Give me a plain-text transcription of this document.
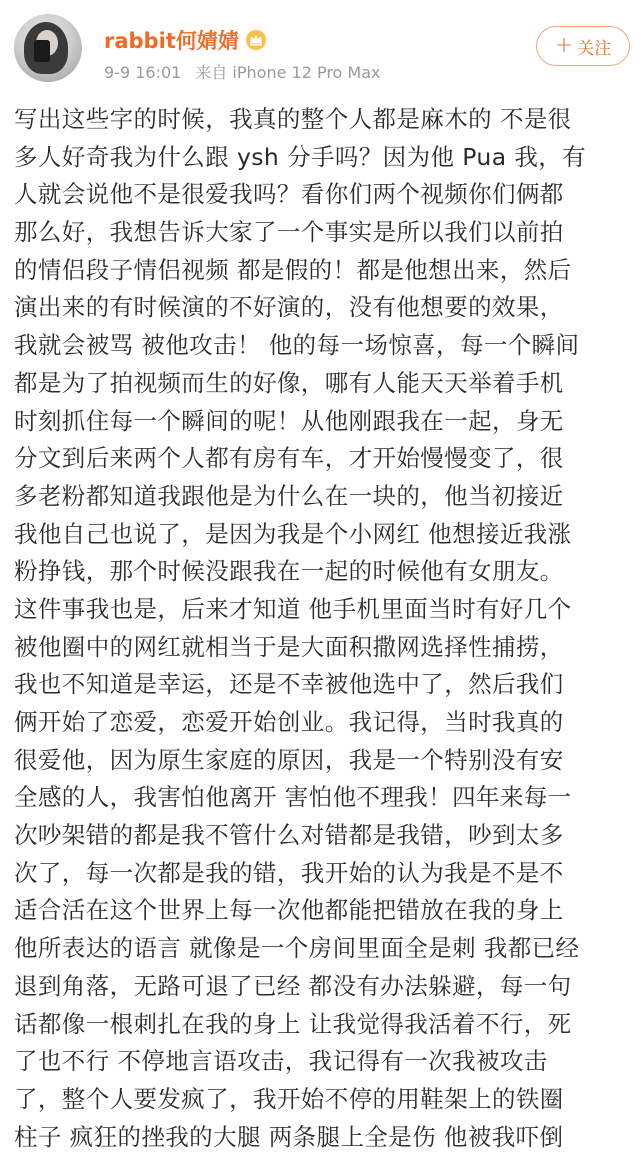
rabbit何婧婧
9-9 16:01 来自 iPhone 12 Pro Max
+ 关注
写出这些字的时候，我真的整个人都是麻木的 不是很
多人好奇我为什么跟 ysh 分手吗？因为他 Pua 我，有
人就会说他不是很爱我吗？看你们两个视频你们俩都
那么好，我想告诉大家了一个事实是所以我们以前拍
的情侣段子情侣视频 都是假的！都是他想出来，然后
演出来的有时候演的不好演的，没有他想要的效果，
我就会被骂 被他攻击！ 他的每一场惊喜，每一个瞬间
都是为了拍视频而生的好像，哪有人能天天举着手机
时刻抓住每一个瞬间的呢！从他刚跟我在一起，身无
分文到后来两个人都有房有车，才开始慢慢变了，很
多老粉都知道我跟他是为什么在一块的，他当初接近
我他自己也说了，是因为我是个小网红 他想接近我涨
粉挣钱，那个时候没跟我在一起的时候他有女朋友。
这件事我也是，后来才知道 他手机里面当时有好几个
被他圈中的网红就相当于是大面积撒网选择性捕捞，
我也不知道是幸运，还是不幸被他选中了，然后我们
俩开始了恋爱，恋爱开始创业。我记得，当时我真的
很爱他，因为原生家庭的原因，我是一个特别没有安
全感的人，我害怕他离开 害怕他不理我！四年来每一
次吵架错的都是我不管什么对错都是我错，吵到太多
次了，每一次都是我的错，我开始的认为我是不是不
适合活在这个世界上每一次他都能把错放在我的身上
他所表达的语言 就像是一个房间里面全是刺 我都已经
退到角落，无路可退了已经 都没有办法躲避，每一句
话都像一根刺扎在我的身上 让我觉得我活着不行，死
了也不行 不停地言语攻击，我记得有一次我被攻击
了，整个人要发疯了，我开始不停的用鞋架上的铁圈
柱子 疯狂的挫我的大腿 两条腿上全是伤 他被我吓倒
